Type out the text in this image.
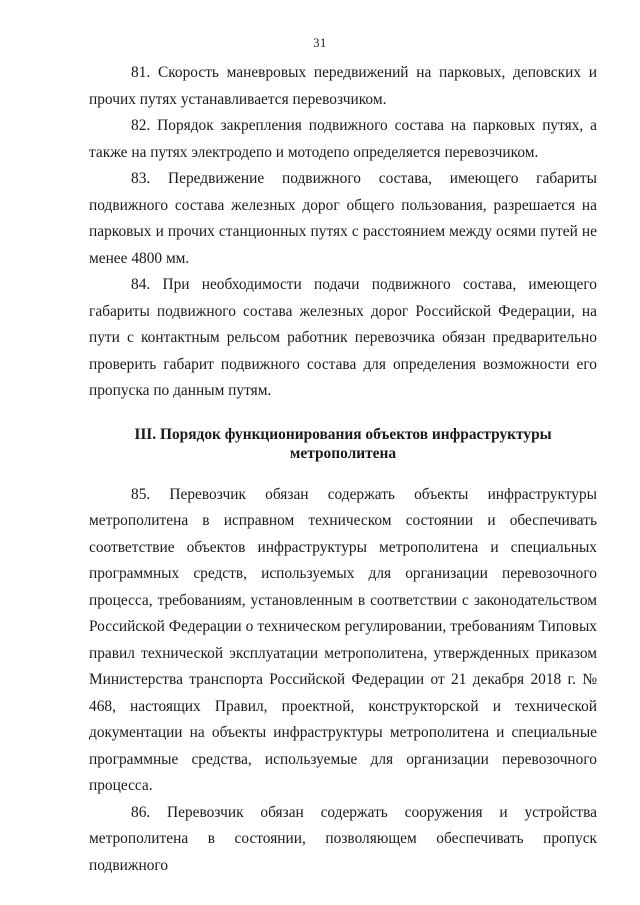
31

81. Скорость маневровых передвижений на парковых, деповских и прочих путях устанавливается перевозчиком.

82. Порядок закрепления подвижного состава на парковых путях, а также на путях электродепо и мотодепо определяется перевозчиком.

83. Передвижение подвижного состава, имеющего габариты подвижного состава железных дорог общего пользования, разрешается на парковых и прочих станционных путях с расстоянием между осями путей не менее 4800 мм.

84. При необходимости подачи подвижного состава, имеющего габариты подвижного состава железных дорог Российской Федерации, на пути с контактным рельсом работник перевозчика обязан предварительно проверить габарит подвижного состава для определения возможности его пропуска по данным путям.

III. Порядок функционирования объектов инфраструктуры метрополитена

85. Перевозчик обязан содержать объекты инфраструктуры метрополитена в исправном техническом состоянии и обеспечивать соответствие объектов инфраструктуры метрополитена и специальных программных средств, используемых для организации перевозочного процесса, требованиям, установленным в соответствии с законодательством Российской Федерации о техническом регулировании, требованиям Типовых правил технической эксплуатации метрополитена, утвержденных приказом Министерства транспорта Российской Федерации от 21 декабря 2018 г. № 468, настоящих Правил, проектной, конструкторской и технической документации на объекты инфраструктуры метрополитена и специальные программные средства, используемые для организации перевозочного процесса.

86. Перевозчик обязан содержать сооружения и устройства метрополитена в состоянии, позволяющем обеспечивать пропуск подвижного
